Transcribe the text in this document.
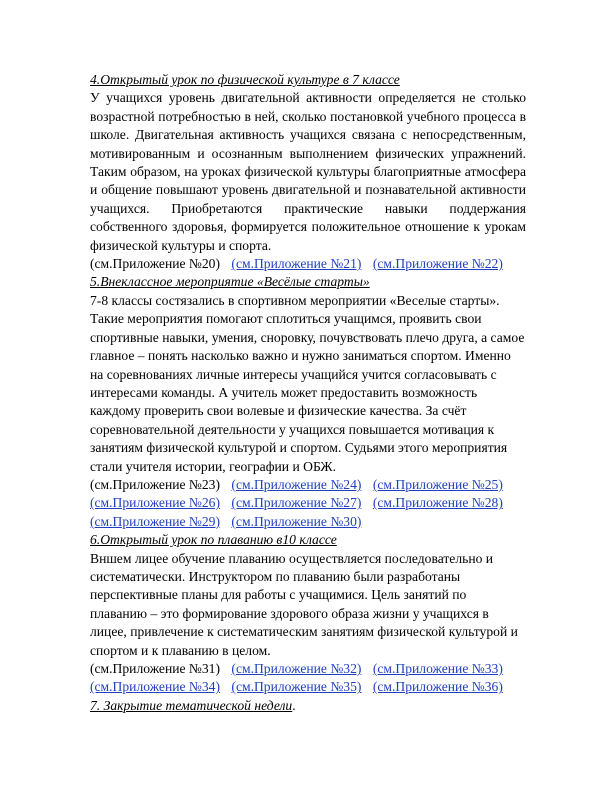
4.Открытый урок по физической культуре в 7 классе

У учащихся уровень двигательной активности определяется не столько возрастной потребностью в ней, сколько постановкой учебного процесса в школе. Двигательная активность учащихся связана с непосредственным, мотивированным и осознанным выполнением физических упражнений. Таким образом, на уроках физической культуры благоприятные атмосфера и общение повышают уровень двигательной и познавательной активности учащихся. Приобретаются практические навыки поддержания собственного здоровья, формируется положительное отношение к урокам физической культуры и спорта.

(см.Приложение №20) (см.Приложение №21) (см.Приложение №22)

5.Внеклассное мероприятие «Весёлые старты»

7-8 классы состязались в спортивном мероприятии «Веселые старты». Такие мероприятия помогают сплотиться учащимся, проявить свои спортивные навыки, умения, сноровку, почувствовать плечо друга, а самое главное – понять насколько важно и нужно заниматься спортом. Именно на соревнованиях личные интересы учащийся учится согласовывать с интересами команды. А учитель может предоставить возможность каждому проверить свои волевые и физические качества. За счёт соревновательной деятельности у учащихся повышается мотивация к занятиям физической культурой и спортом. Судьями этого мероприятия стали учителя истории, географии и ОБЖ.

(см.Приложение №23) (см.Приложение №24) (см.Приложение №25)

(см.Приложение №26) (см.Приложение №27) (см.Приложение №28)

(см.Приложение №29) (см.Приложение №30)

6.Открытый урок по плаванию в10 классе

Вншем лицее обучение плаванию осуществляется последовательно и систематически. Инструктором по плаванию были разработаны перспективные планы для работы с учащимися. Цель занятий по плаванию – это формирование здорового образа жизни у учащихся в лицее, привлечение к систематическим занятиям физической культурой и спортом и к плаванию в целом.

(см.Приложение №31) (см.Приложение №32) (см.Приложение №33)

(см.Приложение №34) (см.Приложение №35) (см.Приложение №36)

7. Закрытие тематической недели.
